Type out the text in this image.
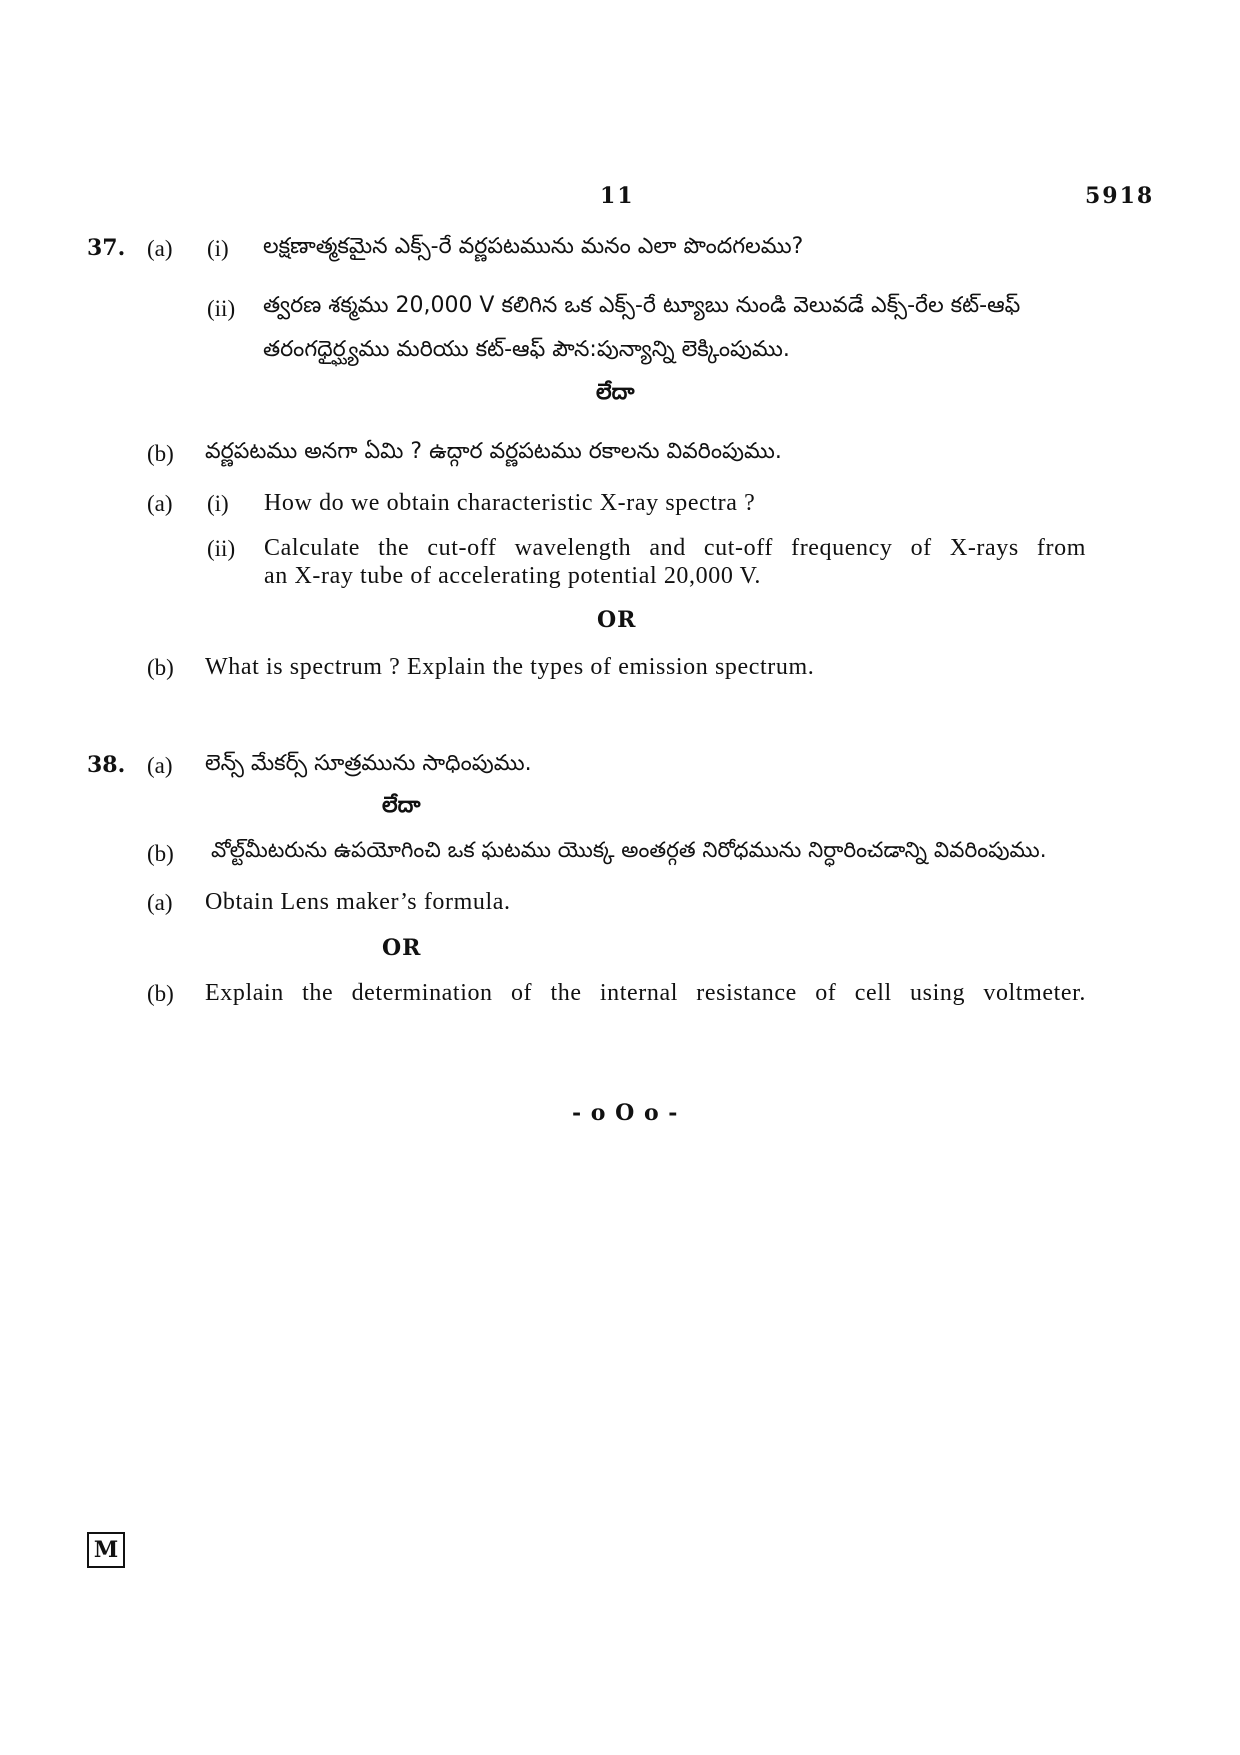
11	5918
37. (a) (i) లక్షణాత్మకమైన ఎక్స్-రే వర్ణపటమును మనం ఎలా పొందగలము?
(ii) త్వరణ శక్మము 20,000 V కలిగిన ఒక ఎక్స్-రే ట్యూబు నుండి వెలువడే ఎక్స్-రేల కట్-ఆఫ్
తరంగధైర్ఘ్యము మరియు కట్-ఆఫ్ పౌన:పున్యాన్ని లెక్కింపుము.
లేదా
(b) వర్ణపటము అనగా ఏమి ? ఉద్గార వర్ణపటము రకాలను వివరింపుము.
(a) (i) How do we obtain characteristic X-ray spectra ?
(ii) Calculate the cut-off wavelength and cut-off frequency of X-rays from
an X-ray tube of accelerating potential 20,000 V.
OR
(b) What is spectrum ? Explain the types of emission spectrum.
38. (a) లెన్స్ మేకర్స్ సూత్రమును సాధింపుము.
లేదా
(b) వోల్ట్‌మీటరును ఉపయోగించి ఒక ఘటము యొక్క అంతర్గత నిరోధమును నిర్ధారించడాన్ని వివరింపుము.
(a) Obtain Lens maker’s formula.
OR
(b) Explain the determination of the internal resistance of cell using voltmeter.
- o O o -
M
